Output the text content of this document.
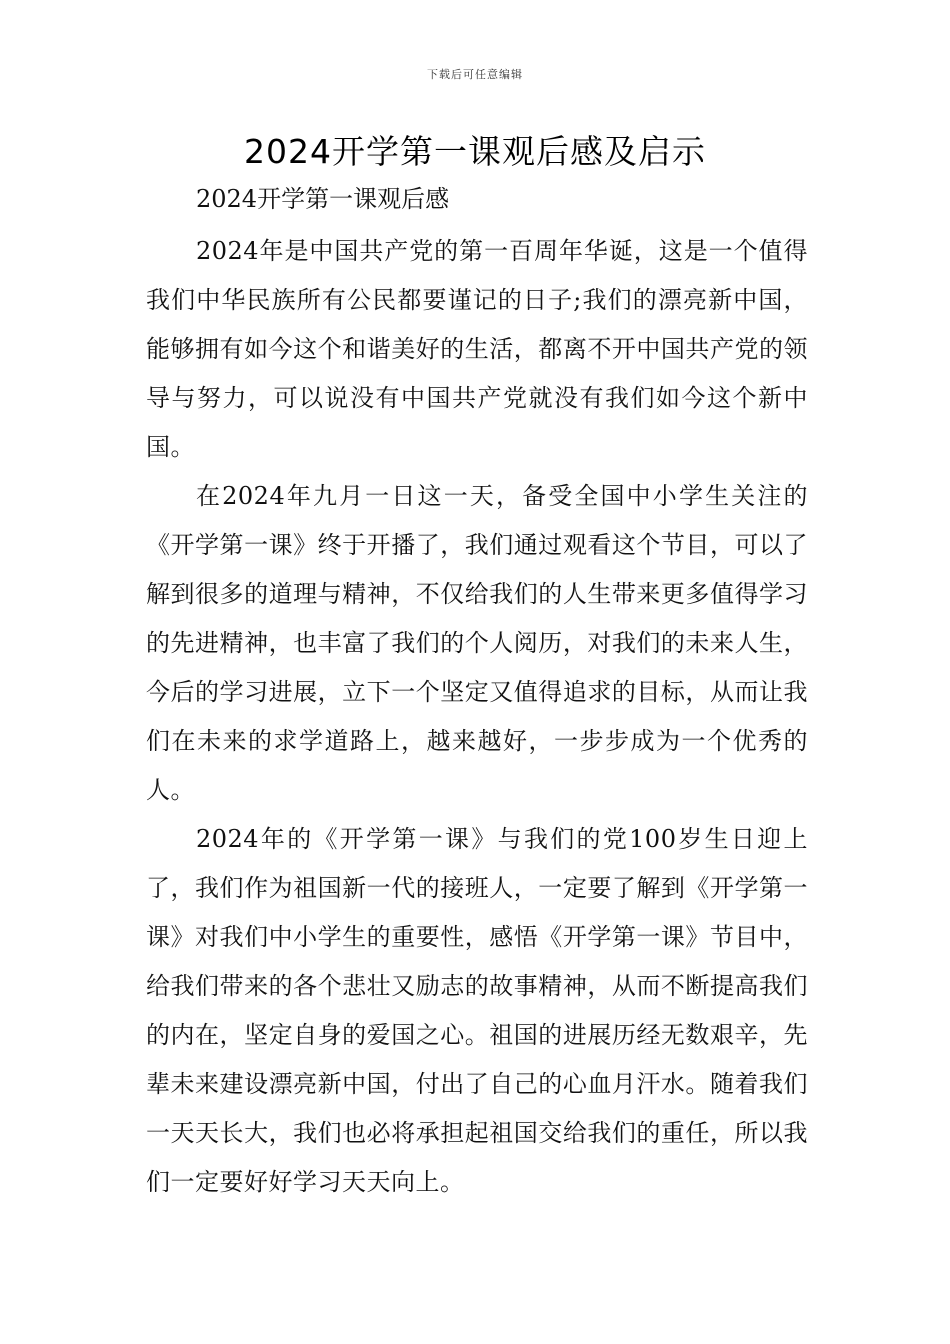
下载后可任意编辑
2024开学第一课观后感及启示

2024开学第一课观后感

2024年是中国共产党的第一百周年华诞，这是一个值得我们中华民族所有公民都要谨记的日子;我们的漂亮新中国，能够拥有如今这个和谐美好的生活，都离不开中国共产党的领导与努力，可以说没有中国共产党就没有我们如今这个新中国。

在2024年九月一日这一天，备受全国中小学生关注的《开学第一课》终于开播了，我们通过观看这个节目，可以了解到很多的道理与精神，不仅给我们的人生带来更多值得学习的先进精神，也丰富了我们的个人阅历，对我们的未来人生，今后的学习进展，立下一个坚定又值得追求的目标，从而让我们在未来的求学道路上，越来越好，一步步成为一个优秀的人。

2024年的《开学第一课》与我们的党100岁生日迎上了，我们作为祖国新一代的接班人，一定要了解到《开学第一课》对我们中小学生的重要性，感悟《开学第一课》节目中，给我们带来的各个悲壮又励志的故事精神，从而不断提高我们的内在，坚定自身的爱国之心。祖国的进展历经无数艰辛，先辈未来建设漂亮新中国，付出了自己的心血月汗水。随着我们一天天长大，我们也必将承担起祖国交给我们的重任，所以我们一定要好好学习天天向上。
